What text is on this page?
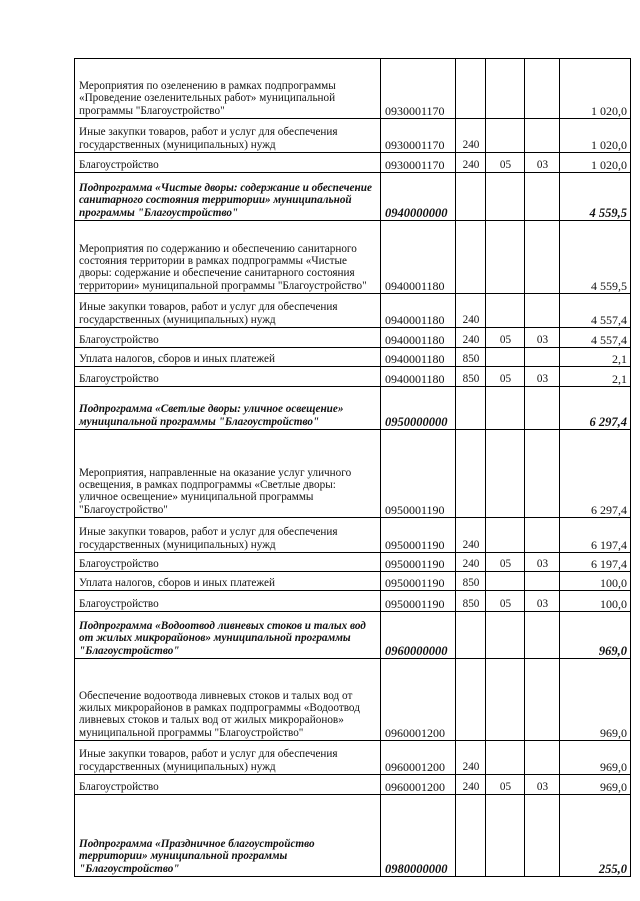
Мероприятия по озеленению в рамках подпрограммы «Проведение озеленительных работ» муниципальной программы "Благоустройство"	0930001170				1 020,0
Иные закупки товаров, работ и услуг для обеспечения государственных (муниципальных) нужд	0930001170	240			1 020,0
Благоустройство	0930001170	240	05	03	1 020,0
Подпрограмма «Чистые дворы: содержание и обеспечение санитарного состояния территории» муниципальной программы "Благоустройство"	0940000000				4 559,5
Мероприятия по содержанию и обеспечению санитарного состояния территории в рамках подпрограммы «Чистые дворы: содержание и обеспечение санитарного состояния территории» муниципальной программы "Благоустройство"	0940001180				4 559,5
Иные закупки товаров, работ и услуг для обеспечения государственных (муниципальных) нужд	0940001180	240			4 557,4
Благоустройство	0940001180	240	05	03	4 557,4
Уплата налогов, сборов и иных платежей	0940001180	850			2,1
Благоустройство	0940001180	850	05	03	2,1
Подпрограмма «Светлые дворы: уличное освещение» муниципальной программы "Благоустройство"	0950000000				6 297,4
Мероприятия, направленные на оказание услуг уличного освещения, в рамках подпрограммы «Светлые дворы: уличное освещение» муниципальной программы "Благоустройство"	0950001190				6 297,4
Иные закупки товаров, работ и услуг для обеспечения государственных (муниципальных) нужд	0950001190	240			6 197,4
Благоустройство	0950001190	240	05	03	6 197,4
Уплата налогов, сборов и иных платежей	0950001190	850			100,0
Благоустройство	0950001190	850	05	03	100,0
Подпрограмма «Водоотвод ливневых стоков и талых вод от жилых микрорайонов» муниципальной программы "Благоустройство"	0960000000				969,0
Обеспечение водоотвода ливневых стоков и талых вод от жилых микрорайонов в рамках подпрограммы «Водоотвод ливневых стоков и талых вод от жилых микрорайонов» муниципальной программы "Благоустройство"	0960001200				969,0
Иные закупки товаров, работ и услуг для обеспечения государственных (муниципальных) нужд	0960001200	240			969,0
Благоустройство	0960001200	240	05	03	969,0
Подпрограмма «Праздничное благоустройство территории» муниципальной программы "Благоустройство"	0980000000				255,0
